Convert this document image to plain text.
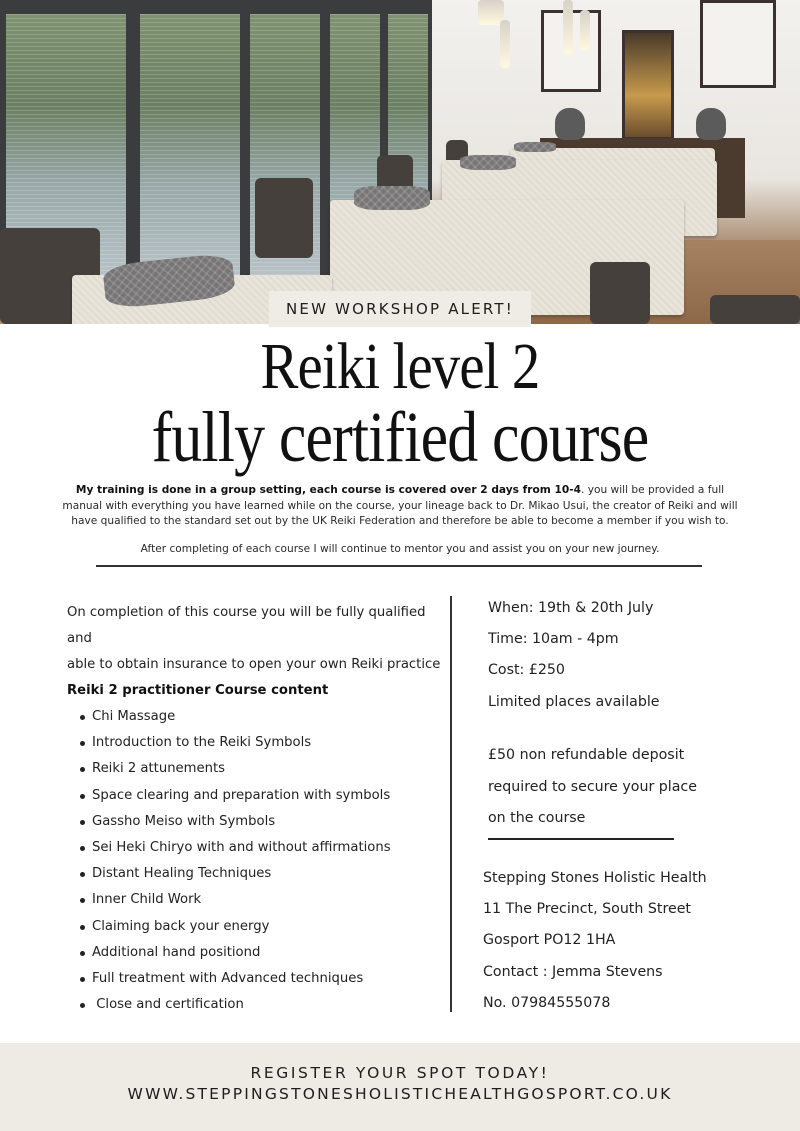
NEW WORKSHOP ALERT!
Reiki level 2
fully certified course

My training is done in a group setting, each course is covered over 2 days from 10-4. you will be provided a full manual with everything you have learned while on the course, your lineage back to Dr. Mikao Usui, the creator of Reiki and will have qualified to the standard set out by the UK Reiki Federation and therefore be able to become a member if you wish to.

After completing of each course I will continue to mentor you and assist you on your new journey.

On completion of this course you will be fully qualified and
able to obtain insurance to open your own Reiki practice
Reiki 2 practitioner Course content
Chi Massage
Introduction to the Reiki Symbols
Reiki 2 attunements
Space clearing and preparation with symbols
Gassho Meiso with Symbols
Sei Heki Chiryo with and without affirmations
Distant Healing Techniques
Inner Child Work
Claiming back your energy
Additional hand positiond
Full treatment with Advanced techniques
Close and certification
When: 19th & 20th July
Time: 10am - 4pm
Cost: £250
Limited places available
£50 non refundable deposit
required to secure your place
on the course
Stepping Stones Holistic Health
11 The Precinct, South Street
Gosport PO12 1HA
Contact : Jemma Stevens
No. 07984555078
REGISTER YOUR SPOT TODAY!
WWW.STEPPINGSTONESHOLISTICHEALTHGOSPORT.CO.UK
